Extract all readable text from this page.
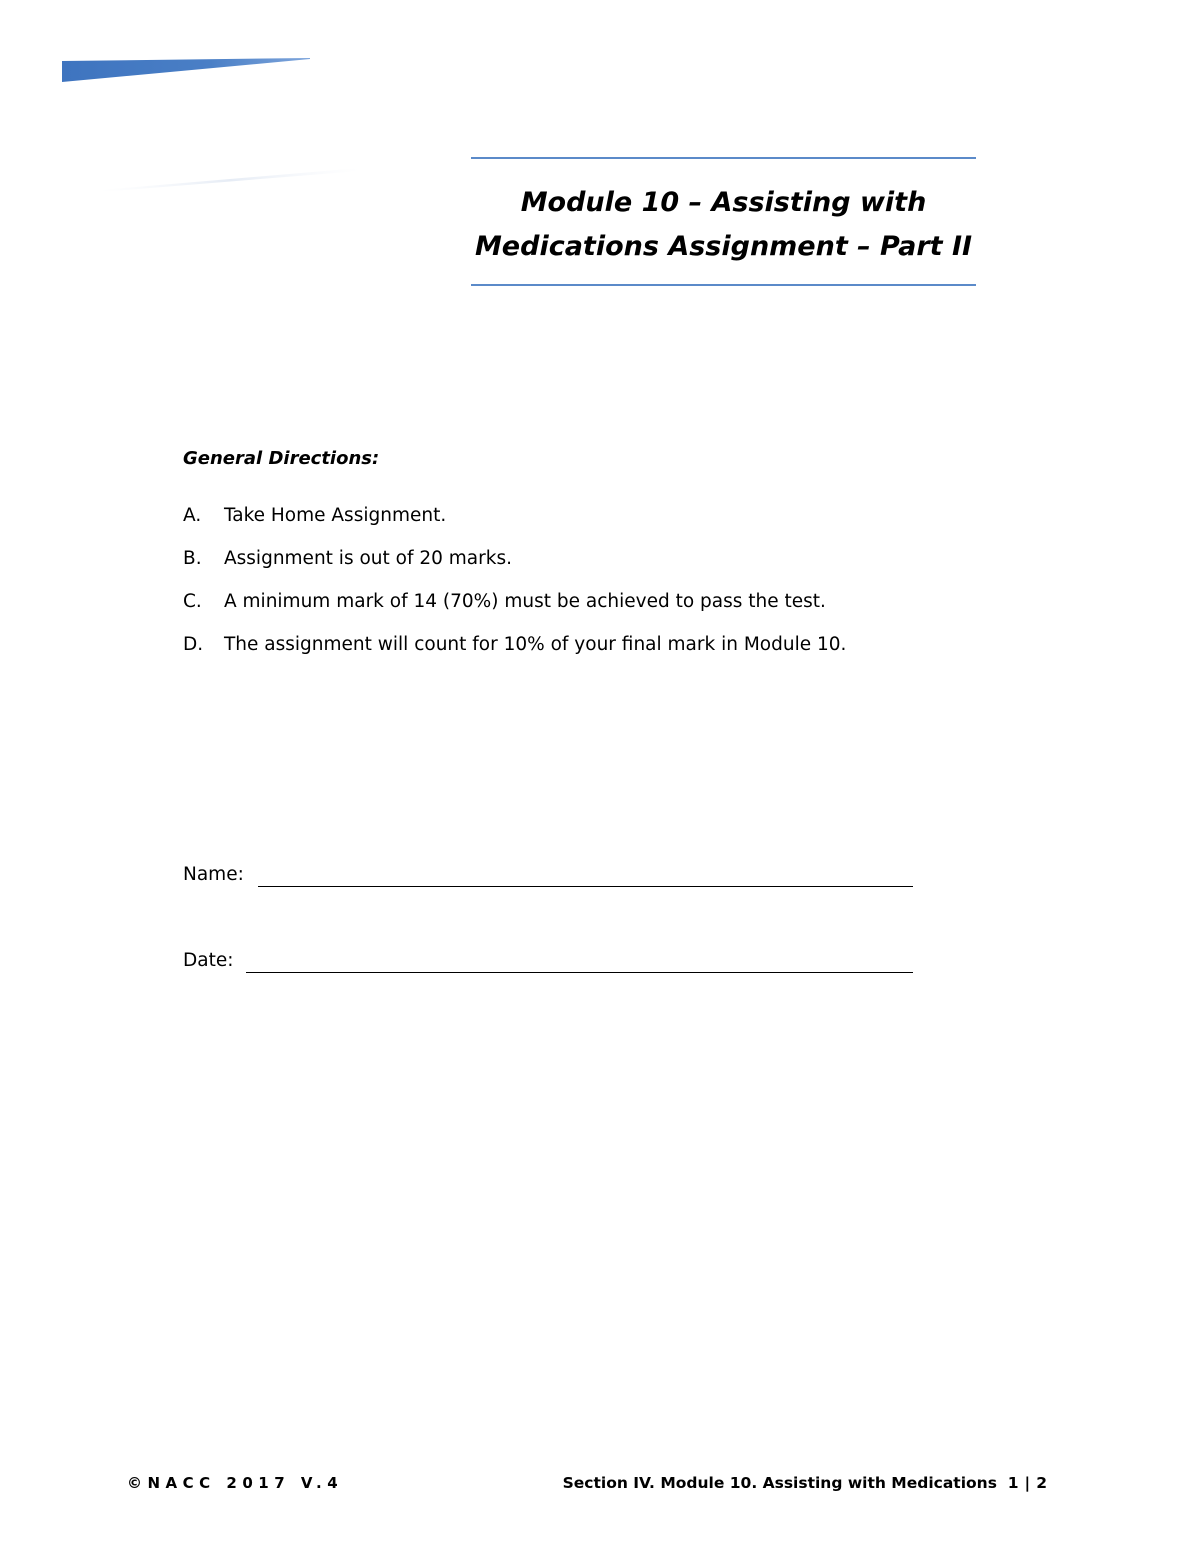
Module 10 – Assisting with
Medications Assignment – Part II

General Directions:

A. Take Home Assignment.
B. Assignment is out of 20 marks.
C. A minimum mark of 14 (70%) must be achieved to pass the test.
D. The assignment will count for 10% of your final mark in Module 10.
Name:
Date:

©NACC 2017 V.4	Section IV. Module 10. Assisting with Medications 1 | 2
